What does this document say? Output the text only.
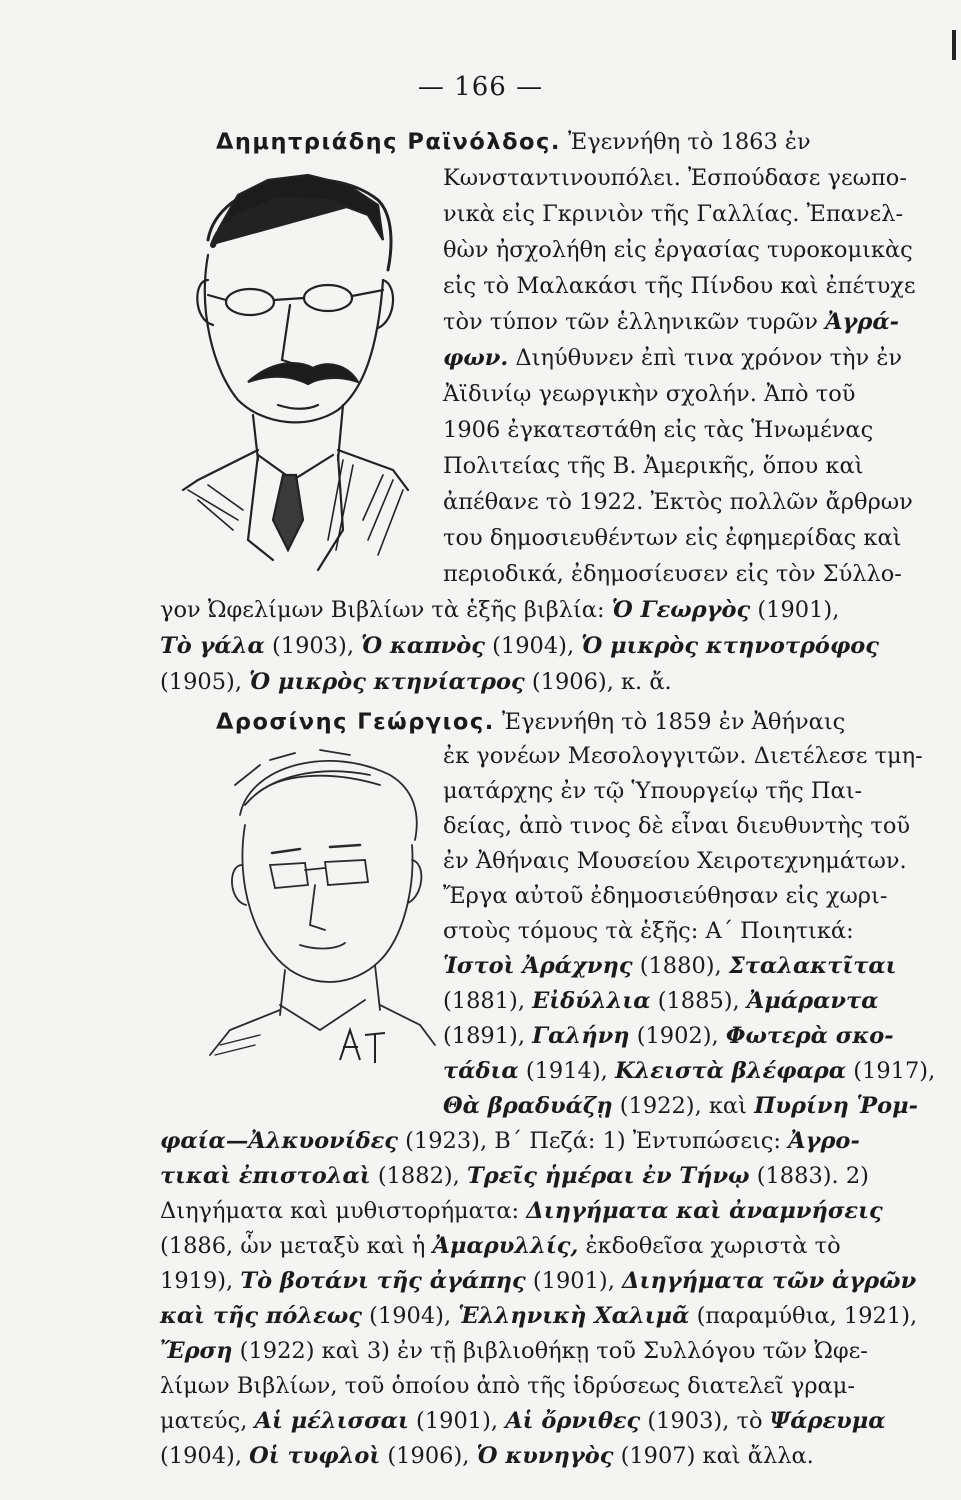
— 166 —
Δημητριάδης Ραϊνόλδος. Ἐγεννήθη τὸ 1863 ἐν
Κωνσταντινουπόλει. Ἐσπούδασε γεωπο-
νικὰ εἰς Γκρινιὸν τῆς Γαλλίας. Ἐπανελ-
θὼν ἠσχολήθη εἰς ἐργασίας τυροκομικὰς
εἰς τὸ Μαλακάσι τῆς Πίνδου καὶ ἐπέτυχε
τὸν τύπον τῶν ἑλληνικῶν τυρῶν Ἀγρά-
φων. Διηύθυνεν ἐπὶ τινα χρόνον τὴν ἐν
Ἀϊδινίῳ γεωργικὴν σχολήν. Ἀπὸ τοῦ
1906 ἐγκατεστάθη εἰς τὰς Ἡνωμένας
Πολιτείας τῆς Β. Ἀμερικῆς, ὅπου καὶ
ἀπέθανε τὸ 1922. Ἐκτὸς πολλῶν ἄρθρων
του δημοσιευθέντων εἰς ἐφημερίδας καὶ
περιοδικά, ἐδημοσίευσεν εἰς τὸν Σύλλο-
γον Ὠφελίμων Βιβλίων τὰ ἑξῆς βιβλία: Ὁ Γεωργὸς (1901),
Τὸ γάλα (1903), Ὁ καπνὸς (1904), Ὁ μικρὸς κτηνοτρόφος
(1905), Ὁ μικρὸς κτηνίατρος (1906), κ. ἄ.
Δροσίνης Γεώργιος. Ἐγεννήθη τὸ 1859 ἐν Ἀθήναις
ἐκ γονέων Μεσολογγιτῶν. Διετέλεσε τμη-
ματάρχης ἐν τῷ Ὑπουργείῳ τῆς Παι-
δείας, ἀπὸ τινος δὲ εἶναι διευθυντὴς τοῦ
ἐν Ἀθήναις Μουσείου Χειροτεχνημάτων.
Ἔργα αὐτοῦ ἐδημοσιεύθησαν εἰς χωρι-
στοὺς τόμους τὰ ἑξῆς: Α΄ Ποιητικά:
Ἱστοὶ Ἀράχνης (1880), Σταλακτῖται
(1881), Εἰδύλλια (1885), Ἀμάραντα
(1891), Γαλήνη (1902), Φωτερὰ σκο-
τάδια (1914), Κλειστὰ βλέφαρα (1917),
Θὰ βραδυάζῃ (1922), καὶ Πυρίνη Ῥομ-
φαία—Ἀλκυονίδες (1923), Β΄ Πεζά: 1) Ἐντυπώσεις: Ἀγρο-
τικαὶ ἐπιστολαὶ (1882), Τρεῖς ἡμέραι ἐν Τήνῳ (1883). 2)
Διηγήματα καὶ μυθιστορήματα: Διηγήματα καὶ ἀναμνήσεις
(1886, ὧν μεταξὺ καὶ ἡ Ἀμαρυλλίς, ἐκδοθεῖσα χωριστὰ τὸ
1919), Τὸ βοτάνι τῆς ἀγάπης (1901), Διηγήματα τῶν ἀγρῶν
καὶ τῆς πόλεως (1904), Ἑλληνικὴ Χαλιμᾶ (παραμύθια, 1921),
Ἔρση (1922) καὶ 3) ἐν τῇ βιβλιοθήκῃ τοῦ Συλλόγου τῶν Ὠφε-
λίμων Βιβλίων, τοῦ ὁποίου ἀπὸ τῆς ἱδρύσεως διατελεῖ γραμ-
ματεύς, Αἱ μέλισσαι (1901), Αἱ ὄρνιθες (1903), τὸ Ψάρευμα
(1904), Οἱ τυφλοὶ (1906), Ὁ κυνηγὸς (1907) καὶ ἄλλα.
